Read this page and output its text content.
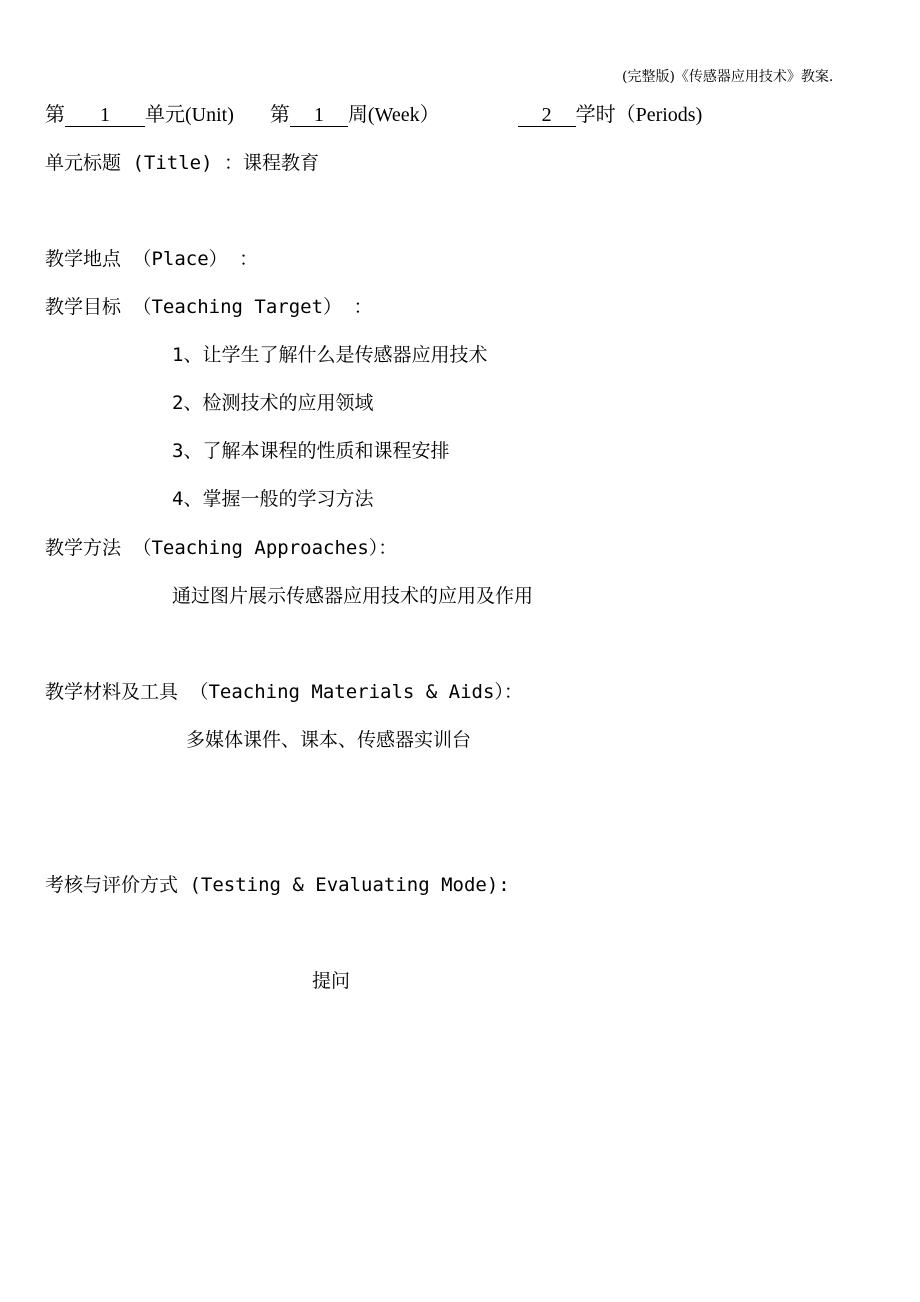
(完整版)《传感器应用技术》教案.
第 1 单元(Unit) 第 1 周(Week）	2 学时（Periods)
单元标题 (Title) ：课程教育
教学地点 （Place） ：
教学目标 （Teaching Target） ：
1、让学生了解什么是传感器应用技术
2、检测技术的应用领域
3、了解本课程的性质和课程安排
4、掌握一般的学习方法
教学方法 （Teaching Approaches）：
通过图片展示传感器应用技术的应用及作用
教学材料及工具 （Teaching Materials & Aids）：
多媒体课件、课本、传感器实训台
考核与评价方式 (Testing & Evaluating Mode):
提问
